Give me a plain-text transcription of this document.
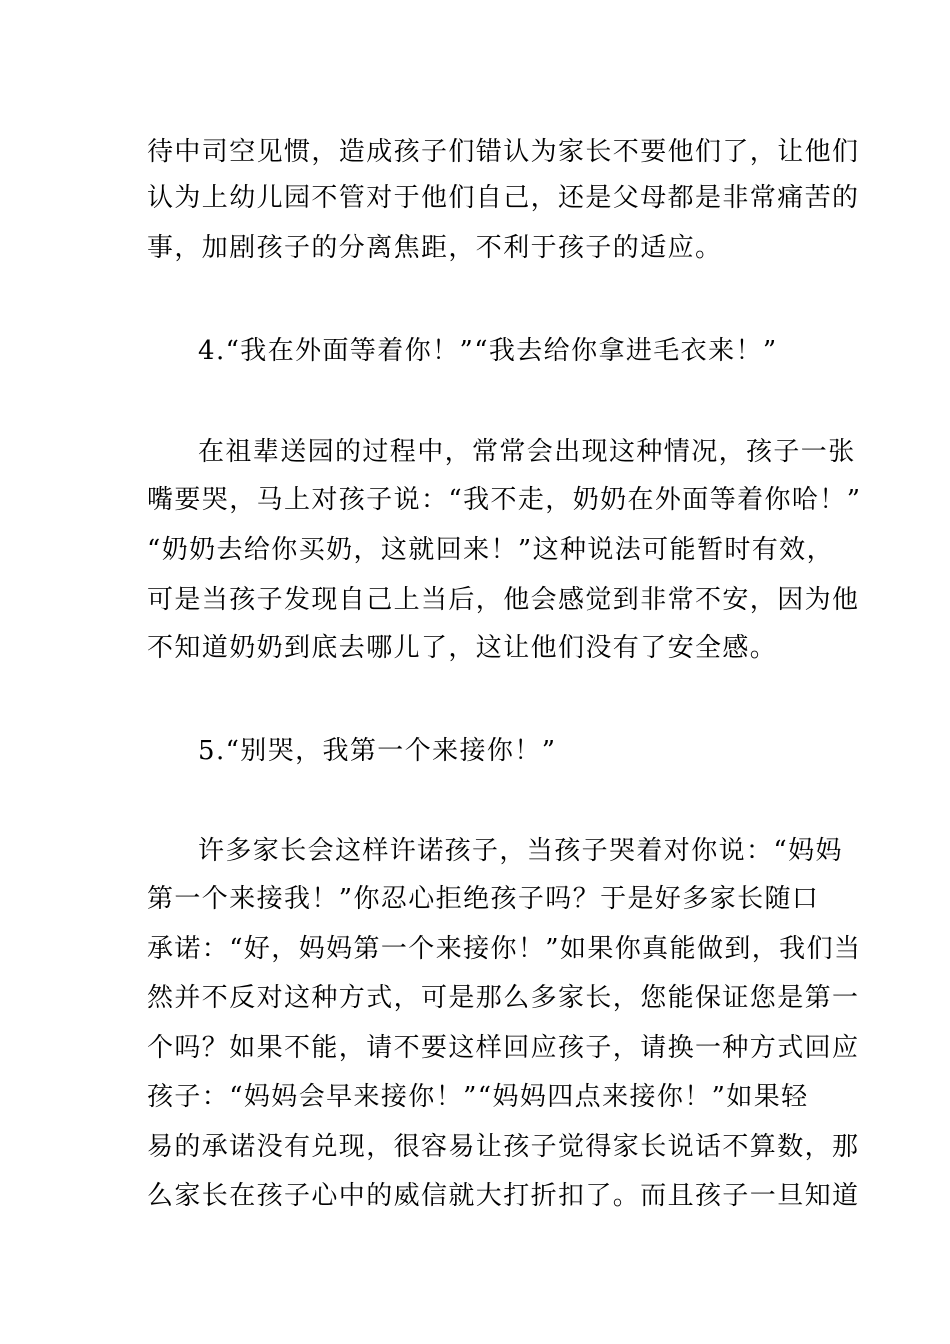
待中司空见惯，造成孩子们错认为家长不要他们了，让他们
认为上幼儿园不管对于他们自己，还是父母都是非常痛苦的
事，加剧孩子的分离焦距，不利于孩子的适应。
4.“我在外面等着你！”“我去给你拿进毛衣来！”
在祖辈送园的过程中，常常会出现这种情况，孩子一张
嘴要哭，马上对孩子说：“我不走，奶奶在外面等着你哈！”
“奶奶去给你买奶，这就回来！”这种说法可能暂时有效，
可是当孩子发现自己上当后，他会感觉到非常不安，因为他
不知道奶奶到底去哪儿了，这让他们没有了安全感。
5.“别哭，我第一个来接你！”
许多家长会这样许诺孩子，当孩子哭着对你说：“妈妈
第一个来接我！”你忍心拒绝孩子吗？于是好多家长随口
承诺：“好，妈妈第一个来接你！”如果你真能做到，我们当
然并不反对这种方式，可是那么多家长，您能保证您是第一
个吗？如果不能，请不要这样回应孩子，请换一种方式回应
孩子：“妈妈会早来接你！”“妈妈四点来接你！”如果轻
易的承诺没有兑现，很容易让孩子觉得家长说话不算数，那
么家长在孩子心中的威信就大打折扣了。而且孩子一旦知道
